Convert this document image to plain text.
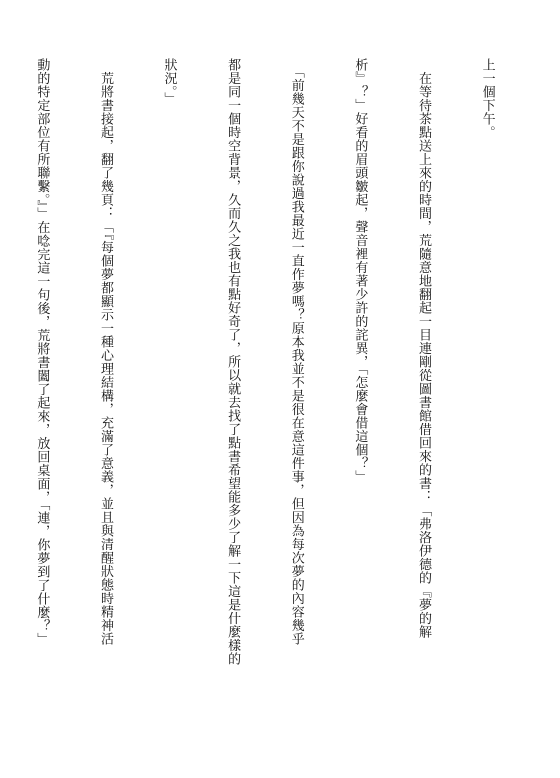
上一個下午。

　在等待茶點送上來的時間，荒隨意地翻起一目連剛從圖書館借回來的書：「弗洛伊德的『夢的解

析』？」好看的眉頭皺起，聲音裡有著少許的詫異，「怎麼會借這個？」

　「前幾天不是跟你說過我最近一直作夢嗎？原本我並不是很在意這件事，但因為每次夢的內容幾乎

都是同一個時空背景，久而久之我也有點好奇了，所以就去找了點書希望能多少了解一下這是什麼樣的

狀況。」

　荒將書接起，翻了幾頁：「『每個夢都顯示一種心理結構，充滿了意義，並且與清醒狀態時精神活

動的特定部位有所聯繫。』」在唸完這一句後，荒將書闔了起來，放回桌面，「連，你夢到了什麼？」
